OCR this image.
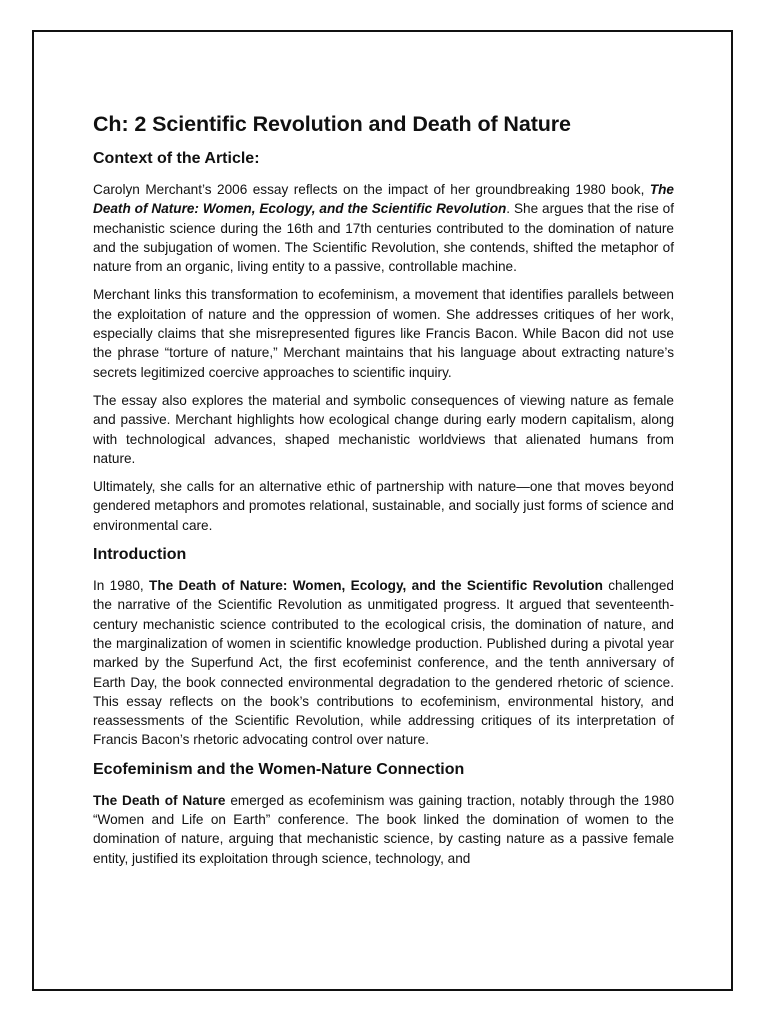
Ch: 2 Scientific Revolution and Death of Nature
Context of the Article:

Carolyn Merchant’s 2006 essay reflects on the impact of her groundbreaking 1980 book, The Death of Nature: Women, Ecology, and the Scientific Revolution. She argues that the rise of mechanistic science during the 16th and 17th centuries contributed to the domination of nature and the subjugation of women. The Scientific Revolution, she contends, shifted the metaphor of nature from an organic, living entity to a passive, controllable machine.

Merchant links this transformation to ecofeminism, a movement that identifies parallels between the exploitation of nature and the oppression of women. She addresses critiques of her work, especially claims that she misrepresented figures like Francis Bacon. While Bacon did not use the phrase “torture of nature,” Merchant maintains that his language about extracting nature’s secrets legitimized coercive approaches to scientific inquiry.

The essay also explores the material and symbolic consequences of viewing nature as female and passive. Merchant highlights how ecological change during early modern capitalism, along with technological advances, shaped mechanistic worldviews that alienated humans from nature.

Ultimately, she calls for an alternative ethic of partnership with nature—one that moves beyond gendered metaphors and promotes relational, sustainable, and socially just forms of science and environmental care.

Introduction

In 1980, The Death of Nature: Women, Ecology, and the Scientific Revolution challenged the narrative of the Scientific Revolution as unmitigated progress. It argued that seventeenth-century mechanistic science contributed to the ecological crisis, the domination of nature, and the marginalization of women in scientific knowledge production. Published during a pivotal year marked by the Superfund Act, the first ecofeminist conference, and the tenth anniversary of Earth Day, the book connected environmental degradation to the gendered rhetoric of science. This essay reflects on the book’s contributions to ecofeminism, environmental history, and reassessments of the Scientific Revolution, while addressing critiques of its interpretation of Francis Bacon’s rhetoric advocating control over nature.

Ecofeminism and the Women-Nature Connection

The Death of Nature emerged as ecofeminism was gaining traction, notably through the 1980 “Women and Life on Earth” conference. The book linked the domination of women to the domination of nature, arguing that mechanistic science, by casting nature as a passive female entity, justified its exploitation through science, technology, and
